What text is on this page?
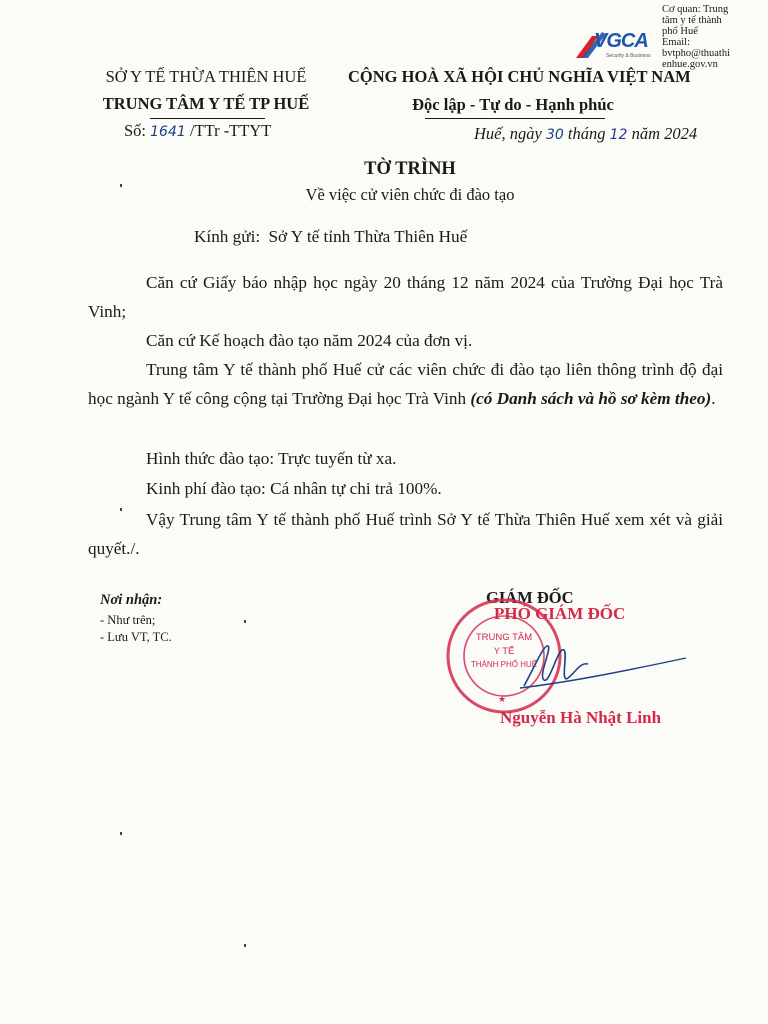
Cơ quan: Trung
tâm y tế thành
phố Huế
Email:
bvtpho@thuathi
enhue.gov.vn
VGCA
Security & Business
SỞ Y TẾ THỪA THIÊN HUẾ
TRUNG TÂM Y TẾ TP HUẾ
Số: 1641 /TTr -TTYT
CỘNG HOÀ XÃ HỘI CHỦ NGHĨA VIỆT NAM
Độc lập - Tự do - Hạnh phúc
Huế, ngày 30 tháng 12 năm 2024
TỜ TRÌNH
Về việc cử viên chức đi đào tạo
Kính gửi: Sở Y tế tỉnh Thừa Thiên Huế
Căn cứ Giấy báo nhập học ngày 20 tháng 12 năm 2024 của Trường Đại học Trà Vinh;
Căn cứ Kế hoạch đào tạo năm 2024 của đơn vị.
Trung tâm Y tế thành phố Huế cử các viên chức đi đào tạo liên thông trình độ đại học ngành Y tế công cộng tại Trường Đại học Trà Vinh (có Danh sách và hồ sơ kèm theo).
Hình thức đào tạo: Trực tuyến từ xa.
Kinh phí đào tạo: Cá nhân tự chi trả 100%.
Vậy Trung tâm Y tế thành phố Huế trình Sở Y tế Thừa Thiên Huế xem xét và giải quyết./.
Nơi nhận:
- Như trên;
- Lưu VT, TC.
GIÁM ĐỐC
TRUNG TÂM
Y TẾ
THÀNH PHỐ HUẾ
★
PHÓ GIÁM ĐỐC
Nguyễn Hà Nhật Linh
